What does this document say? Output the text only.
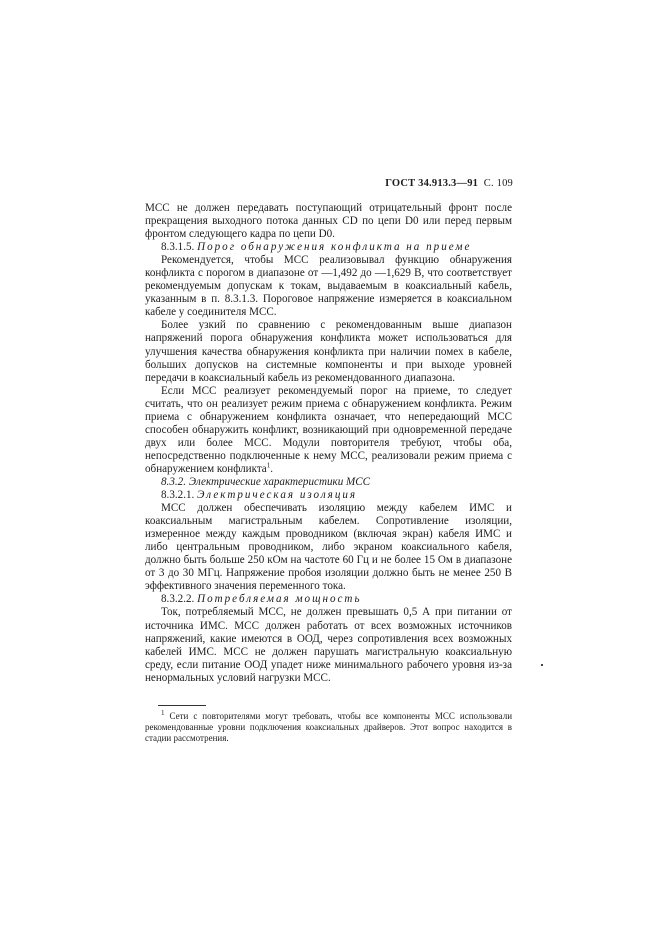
ГОСТ 34.913.3—91 С. 109

МСС не должен передавать поступающий отрицательный фронт после прекращения выходного потока данных CD по цепи D0 или перед первым фронтом следующего кадра по цепи D0.

8.3.1.5. Порог обнаружения конфликта на приеме

Рекомендуется, чтобы МСС реализовывал функцию обнаружения конфликта с порогом в диапазоне от —1,492 до —1,629 В, что соответствует рекомендуемым допускам к токам, выдаваемым в коаксиальный кабель, указанным в п. 8.3.1.3. Пороговое напряжение измеряется в коаксиальном кабеле у соединителя МСС.

Более узкий по сравнению с рекомендованным выше диапазон напряжений порога обнаружения конфликта может использоваться для улучшения качества обнаружения конфликта при наличии помех в кабеле, больших допусков на системные компоненты и при выходе уровней передачи в коаксиальный кабель из рекомендованного диапазона.

Если МСС реализует рекомендуемый порог на приеме, то следует считать, что он реализует режим приема с обнаружением конфликта. Режим приема с обнаружением конфликта означает, что непередающий МСС способен обнаружить конфликт, возникающий при одновременной передаче двух или более МСС. Модули повторителя требуют, чтобы оба, непосредственно подключенные к нему МСС, реализовали режим приема с обнаружением конфликта$^1$.

8.3.2. Электрические характеристики МСС

8.3.2.1. Электрическая изоляция

МСС должен обеспечивать изоляцию между кабелем ИМС и коаксиальным магистральным кабелем. Сопротивление изоляции, измеренное между каждым проводником (включая экран) кабеля ИМС и либо центральным проводником, либо экраном коаксиального кабеля, должно быть больше 250 кОм на частоте 60 Гц и не более 15 Ом в диапазоне от 3 до 30 МГц. Напряжение пробоя изоляции должно быть не менее 250 В эффективного значения переменного тока.

8.3.2.2. Потребляемая мощность

Ток, потребляемый МСС, не должен превышать 0,5 А при питании от источника ИМС. МСС должен работать от всех возможных источников напряжений, какие имеются в ООД, через сопротивления всех возможных кабелей ИМС. МСС не должен парушать магистральную коаксиальную среду, если питание ООД упадет ниже минимального рабочего уровня из-за ненормальных условий нагрузки МСС.

$^1$ Сети с повторителями могут требовать, чтобы все компоненты МСС использовали рекомендованные уровни подключения коаксиальных драйверов. Этот вопрос находится в стадии рассмотрения.
